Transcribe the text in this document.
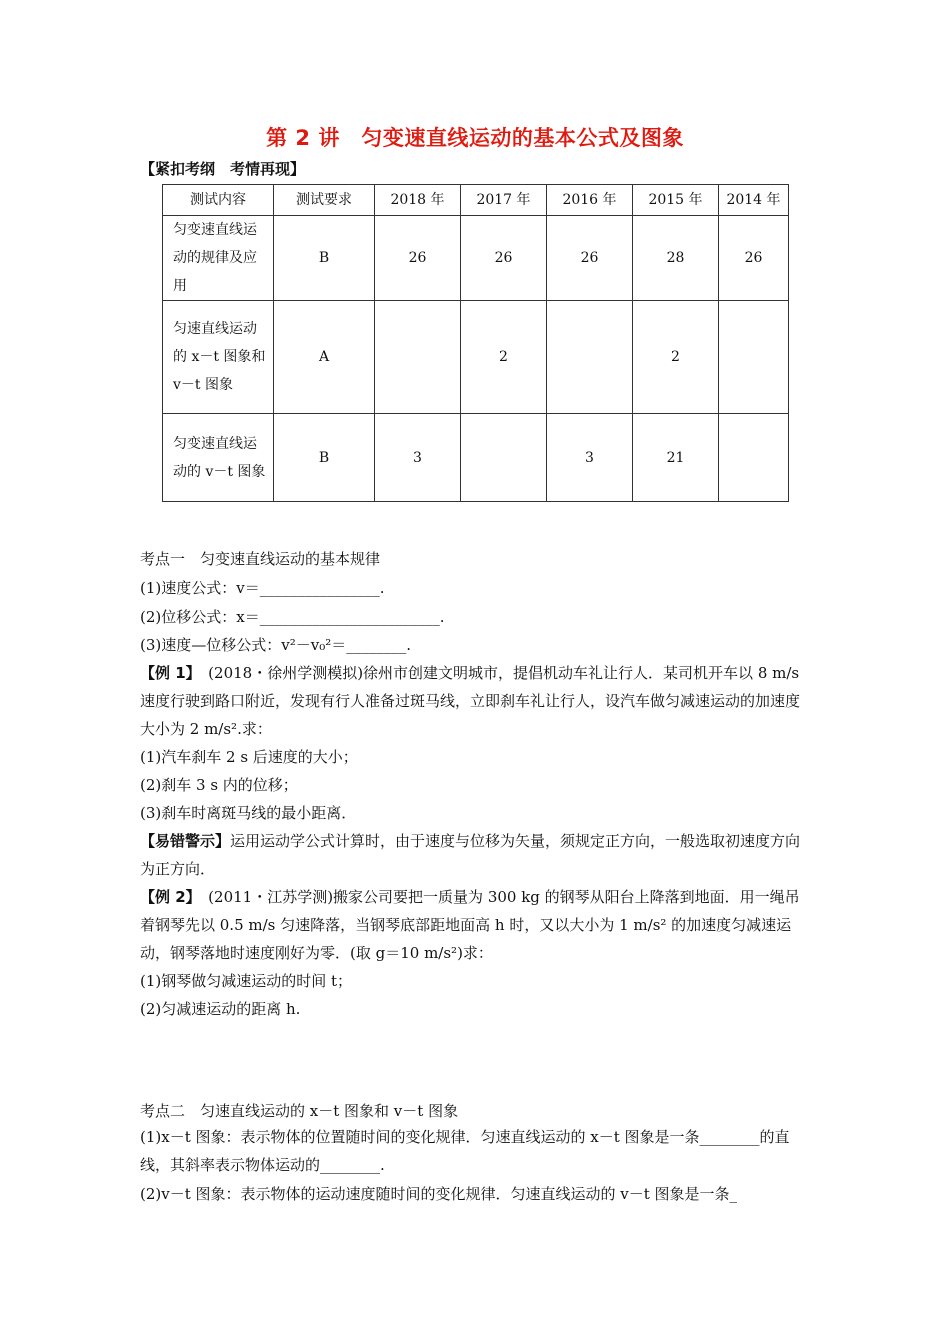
第 2 讲　匀变速直线运动的基本公式及图象
【紧扣考纲　考情再现】
测试内容	测试要求	2018 年	2017 年	2016 年	2015 年	2014 年
匀变速直线运动的规律及应用	B	26	26	26	28	26
匀速直线运动的 x－t 图象和 v－t 图象	A		2		2	
匀变速直线运动的 v－t 图象	B	3		3	21	
考点一　匀变速直线运动的基本规律
(1)速度公式：v＝________________.
(2)位移公式：x＝________________________.
(3)速度—位移公式：v²－v₀²＝________.
【例 1】　(2018・徐州学测模拟)徐州市创建文明城市，提倡机动车礼让行人．某司机开车以 8 m/s 速度行驶到路口附近，发现有行人准备过斑马线，立即刹车礼让行人，设汽车做匀减速运动的加速度大小为 2 m/s².求：
(1)汽车刹车 2 s 后速度的大小；
(2)刹车 3 s 内的位移；
(3)刹车时离斑马线的最小距离．
【易错警示】运用运动学公式计算时，由于速度与位移为矢量，须规定正方向，一般选取初速度方向为正方向．
【例 2】　(2011・江苏学测)搬家公司要把一质量为 300 kg 的钢琴从阳台上降落到地面．用一绳吊着钢琴先以 0.5 m/s 匀速降落，当钢琴底部距地面高 h 时，又以大小为 1 m/s² 的加速度匀减速运动，钢琴落地时速度刚好为零．(取 g＝10 m/s²)求：
(1)钢琴做匀减速运动的时间 t；
(2)匀减速运动的距离 h.
考点二　匀速直线运动的 x－t 图象和 v－t 图象
(1)x－t 图象：表示物体的位置随时间的变化规律．匀速直线运动的 x－t 图象是一条________的直线，其斜率表示物体运动的________.
(2)v－t 图象：表示物体的运动速度随时间的变化规律．匀速直线运动的 v－t 图象是一条_
